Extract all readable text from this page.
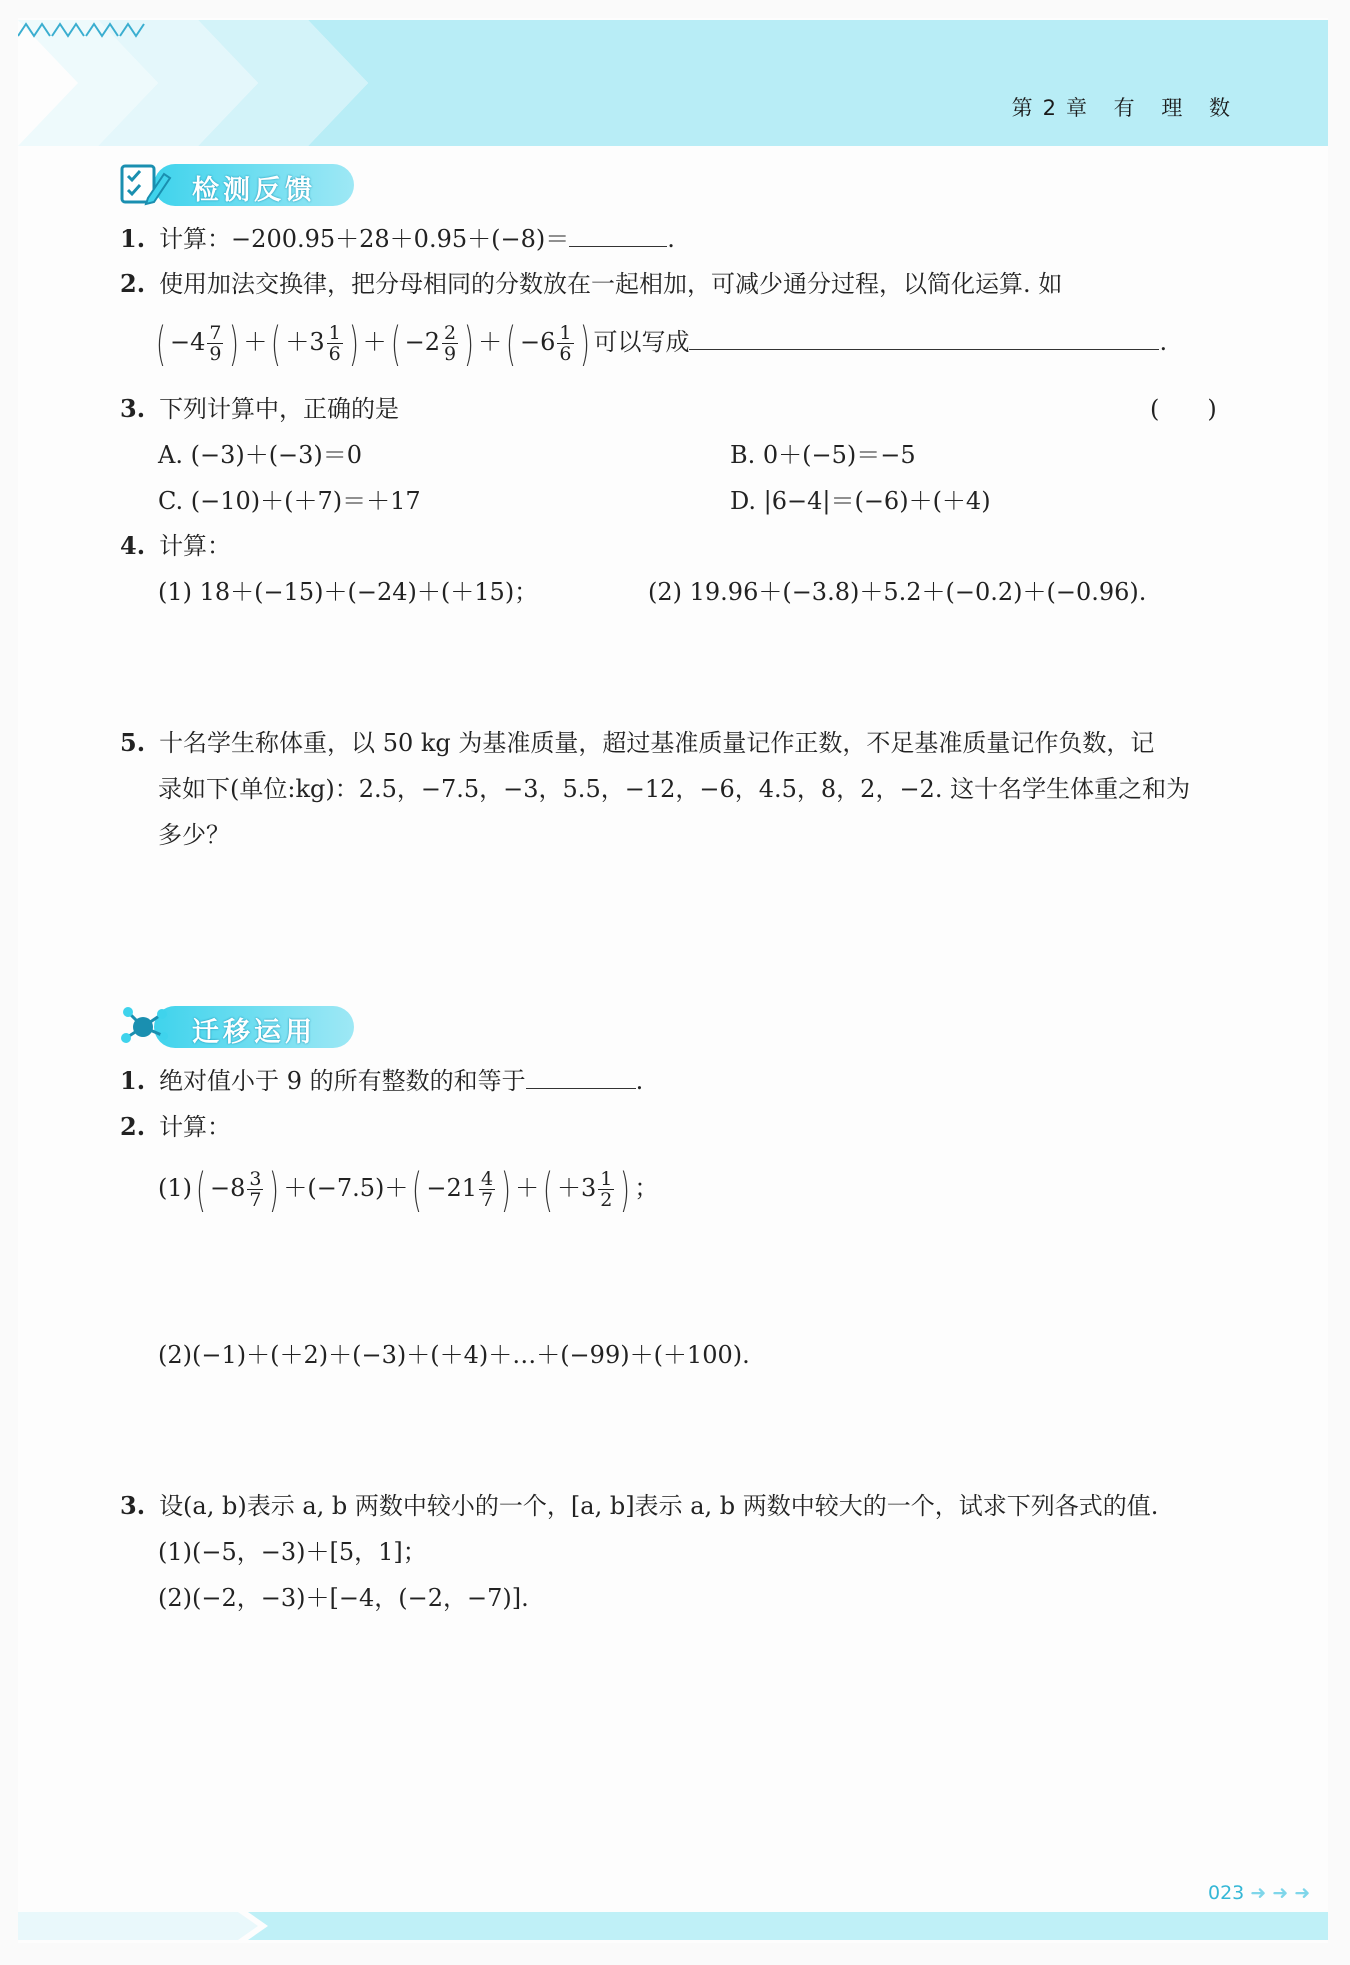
第2章 有 理 数
检测反馈
1. 计算：−200.95＋28＋0.95＋(−8)＝	.
2. 使用加法交换律，把分母相同的分数放在一起相加，可减少通分过程，以简化运算. 如
( $-4 \frac{7}{9}$ ) ＋( $+3 \frac{1}{6}$ ) ＋( $-2 \frac{2}{9}$ ) ＋( $-6 \frac{1}{6}$ ) 可以写成	.
3. 下列计算中，正确的是	(　　)
A. (−3)＋(−3)＝0	B. 0＋(−5)＝−5
C. (−10)＋(＋7)＝＋17	D. |6−4|＝(−6)＋(＋4)
4. 计算：
(1) 18＋(−15)＋(−24)＋(＋15)；	(2) 19.96＋(−3.8)＋5.2＋(−0.2)＋(−0.96).
5. 十名学生称体重，以 50 kg 为基准质量，超过基准质量记作正数，不足基准质量记作负数，记
录如下(单位:kg)：2.5，−7.5，−3，5.5，−12，−6，4.5，8，2，−2. 这十名学生体重之和为
多少？
迁移运用
1. 绝对值小于 9 的所有整数的和等于	.
2. 计算：
$(1)( -8 \frac{3}{7}$ ) $+(-7.5)+( -21 \frac{4}{7}$ ) ＋( $+3 \frac{1}{2}$ ) ；
(2)(−1)＋(＋2)＋(−3)＋(＋4)＋…＋(−99)＋(＋100).
3. 设(a, b)表示 a, b 两数中较小的一个，[a, b]表示 a, b 两数中较大的一个，试求下列各式的值.
(1)(−5，−3)＋[5，1]；
(2)(−2，−3)＋[−4，(−2，−7)].
023 ➜ ➜ ➜
